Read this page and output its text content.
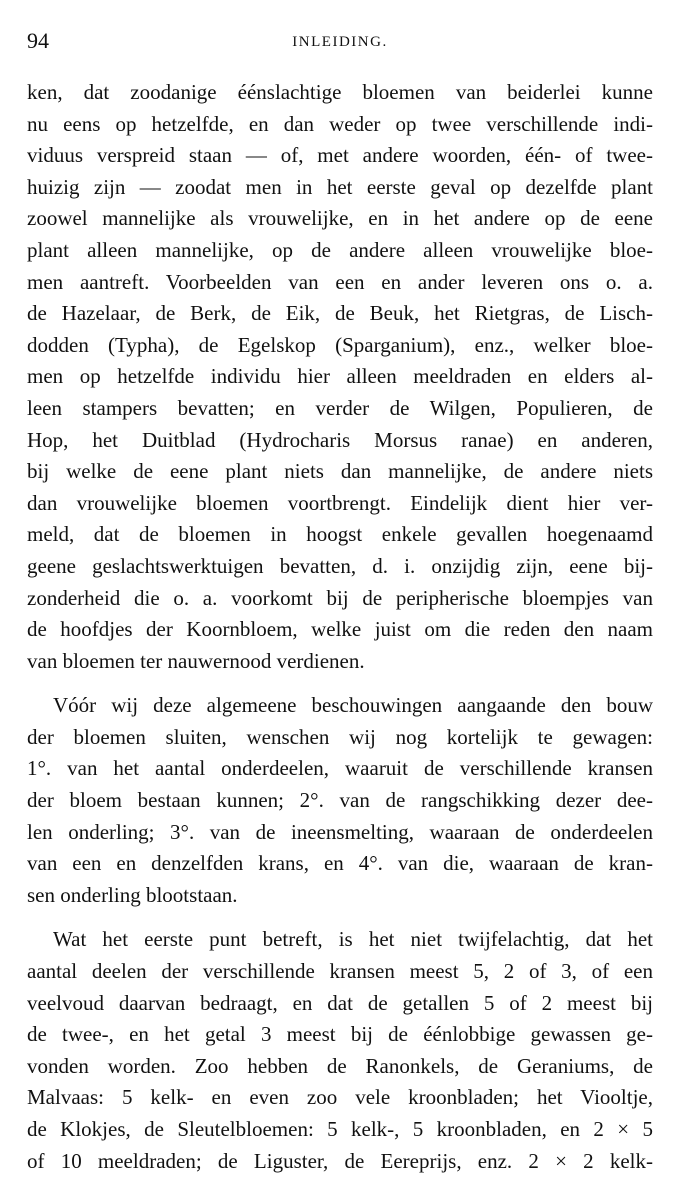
94	INLEIDING.
ken, dat zoodanige éénslachtige bloemen van beiderlei kunne
nu eens op hetzelfde, en dan weder op twee verschillende indi-
viduus verspreid staan — of, met andere woorden, één- of twee-
huizig zijn — zoodat men in het eerste geval op dezelfde plant
zoowel mannelijke als vrouwelijke, en in het andere op de eene
plant alleen mannelijke, op de andere alleen vrouwelijke bloe-
men aantreft. Voorbeelden van een en ander leveren ons o. a.
de Hazelaar, de Berk, de Eik, de Beuk, het Rietgras, de Lisch-
dodden (Typha), de Egelskop (Sparganium), enz., welker bloe-
men op hetzelfde individu hier alleen meeldraden en elders al-
leen stampers bevatten; en verder de Wilgen, Populieren, de
Hop, het Duitblad (Hydrocharis Morsus ranae) en anderen,
bij welke de eene plant niets dan mannelijke, de andere niets
dan vrouwelijke bloemen voortbrengt. Eindelijk dient hier ver-
meld, dat de bloemen in hoogst enkele gevallen hoegenaamd
geene geslachtswerktuigen bevatten, d. i. onzijdig zijn, eene bij-
zonderheid die o. a. voorkomt bij de peripherische bloempjes van
de hoofdjes der Koornbloem, welke juist om die reden den naam
van bloemen ter nauwernood verdienen.
Vóór wij deze algemeene beschouwingen aangaande den bouw
der bloemen sluiten, wenschen wij nog kortelijk te gewagen:
1°. van het aantal onderdeelen, waaruit de verschillende kransen
der bloem bestaan kunnen; 2°. van de rangschikking dezer dee-
len onderling; 3°. van de ineensmelting, waaraan de onderdeelen
van een en denzelfden krans, en 4°. van die, waaraan de kran-
sen onderling blootstaan.
Wat het eerste punt betreft, is het niet twijfelachtig, dat het
aantal deelen der verschillende kransen meest 5, 2 of 3, of een
veelvoud daarvan bedraagt, en dat de getallen 5 of 2 meest bij
de twee-, en het getal 3 meest bij de éénlobbige gewassen ge-
vonden worden. Zoo hebben de Ranonkels, de Geraniums, de
Malvaas: 5 kelk- en even zoo vele kroonbladen; het Viooltje,
de Klokjes, de Sleutelbloemen: 5 kelk-, 5 kroonbladen, en 2 × 5
of 10 meeldraden; de Liguster, de Eereprijs, enz. 2 × 2 kelk-
